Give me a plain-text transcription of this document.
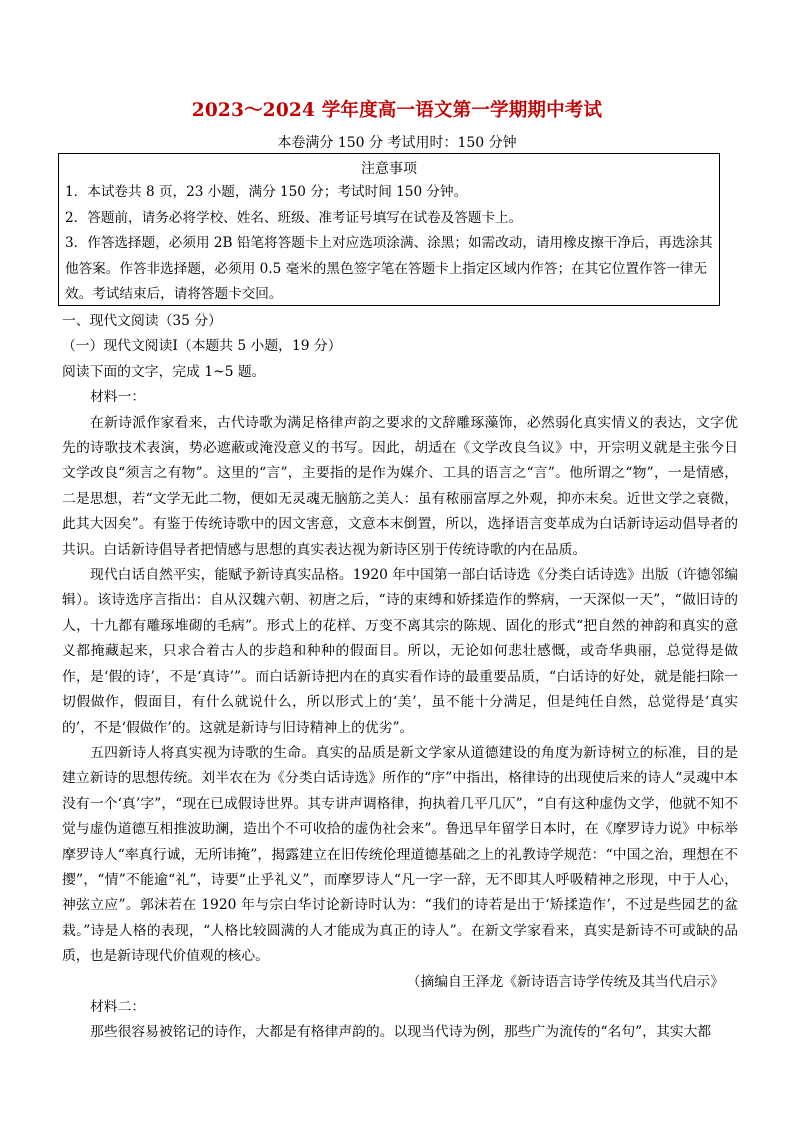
2023～2024 学年度高一语文第一学期期中考试
本卷满分 150 分 考试用时：150 分钟
注意事项

1．本试卷共 8 页，23 小题，满分 150 分；考试时间 150 分钟。

2．答题前，请务必将学校、姓名、班级、准考证号填写在试卷及答题卡上。

3．作答选择题，必须用 2B 铅笔将答题卡上对应选项涂满、涂黑；如需改动，请用橡皮擦干净后，再选涂其他答案。作答非选择题，必须用 0.5 毫米的黑色签字笔在答题卡上指定区域内作答；在其它位置作答一律无效。考试结束后，请将答题卡交回。

一、现代文阅读（35 分）

（一）现代文阅读Ⅰ（本题共 5 小题，19 分）

阅读下面的文字，完成 1~5 题。

材料一：

在新诗派作家看来，古代诗歌为满足格律声韵之要求的文辞雕琢藻饰，必然弱化真实情义的表达，文字优先的诗歌技术表演，势必遮蔽或淹没意义的书写。因此，胡适在《文学改良刍议》中，开宗明义就是主张今日文学改良“须言之有物”。这里的“言”，主要指的是作为媒介、工具的语言之“言”。他所谓之“物”，一是情感，二是思想，若“文学无此二物，便如无灵魂无脑筋之美人：虽有秾丽富厚之外观，抑亦末矣。近世文学之衰微，此其大因矣”。有鉴于传统诗歌中的因文害意，文意本末倒置，所以，选择语言变革成为白话新诗运动倡导者的共识。白话新诗倡导者把情感与思想的真实表达视为新诗区别于传统诗歌的内在品质。

现代白话自然平实，能赋予新诗真实品格。1920 年中国第一部白话诗选《分类白话诗选》出版（许德邻编辑）。该诗选序言指出：自从汉魏六朝、初唐之后，“诗的束缚和娇揉造作的弊病，一天深似一天”，“做旧诗的人，十九都有雕琢堆砌的毛病”。形式上的花样、万变不离其宗的陈规、固化的形式“把自然的神韵和真实的意义都掩藏起来，只求合着古人的步趋和种种的假面目。所以，无论如何悲壮感慨，或奇华典丽，总觉得是做作，是‘假的诗’，不是‘真诗’”。而白话新诗把内在的真实看作诗的最重要品质，“白话诗的好处，就是能扫除一切假做作，假面目，有什么就说什么，所以形式上的‘美’，虽不能十分满足，但是纯任自然，总觉得是‘真实的’，不是‘假做作’的。这就是新诗与旧诗精神上的优劣”。

五四新诗人将真实视为诗歌的生命。真实的品质是新文学家从道德建设的角度为新诗树立的标准，目的是建立新诗的思想传统。刘半农在为《分类白话诗选》所作的“序”中指出，格律诗的出现使后来的诗人“灵魂中本没有一个‘真’字”，“现在已成假诗世界。其专讲声调格律，拘执着几平几仄”，“自有这种虚伪文学，他就不知不觉与虚伪道德互相推波助澜，造出个不可收拾的虚伪社会来”。鲁迅早年留学日本时，在《摩罗诗力说》中标举摩罗诗人“率真行诚，无所讳掩”，揭露建立在旧传统伦理道德基础之上的礼教诗学规范：“中国之治，理想在不撄”，“情”不能逾“礼”，诗要“止乎礼义”，而摩罗诗人“凡一字一辞，无不即其人呼吸精神之形现，中于人心，神弦立应”。郭沫若在 1920 年与宗白华讨论新诗时认为：“我们的诗若是出于‘矫揉造作’，不过是些园艺的盆栽。”诗是人格的表现，“人格比较圆满的人才能成为真正的诗人”。在新文学家看来，真实是新诗不可或缺的品质，也是新诗现代价值观的核心。

（摘编自王泽龙《新诗语言诗学传统及其当代启示》

材料二：

那些很容易被铭记的诗作，大都是有格律声韵的。以现当代诗为例，那些广为流传的“名句”，其实大都
